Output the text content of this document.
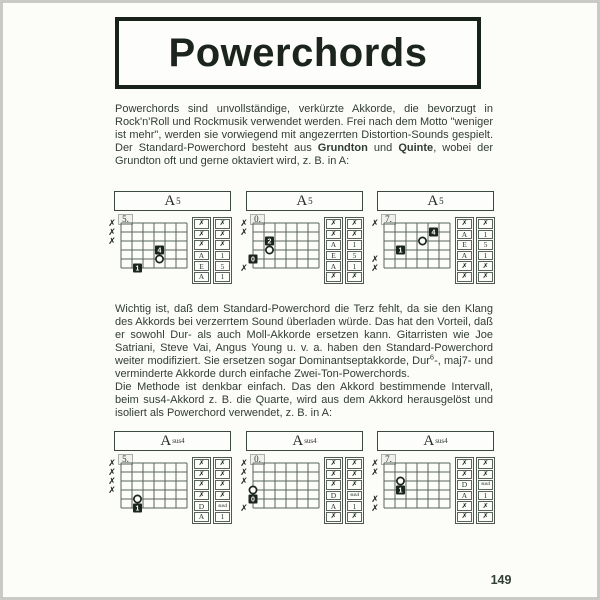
Powerchords
Powerchords sind unvollständige, verkürzte Akkorde, die bevorzugt in Rock'n'Roll und Rockmusik verwendet werden. Frei nach dem Motto "weniger ist mehr", werden sie vorwiegend mit angezerrten Distortion-Sounds gespielt. Der Standard-Powerchord besteht aus Grundton und Quinte, wobei der Grundton oft und gerne oktaviert wird, z. B. in A:
A 5
5.
✗
✗
✗
4
1
✗
✗
✗
A
E
A
✗
✗
✗
1
5
1
A 5
0.
✗
✗
✗
2
0
✗
✗
A
E
A
✗
✗
✗
1
5
1
✗
A 5
7.
✗
✗
✗
4
1
✗
A
E
A
✗
✗
✗
1
5
1
✗
✗

Wichtig ist, daß dem Standard-Powerchord die Terz fehlt, da sie den Klang des Akkords bei verzerrtem Sound überladen würde. Das hat den Vorteil, daß er sowohl Dur- als auch Moll-Akkorde ersetzen kann. Gitarristen wie Joe Satriani, Steve Vai, Angus Young u. v. a. haben den Standard-Powerchord weiter modifiziert. Sie ersetzen sogar Dominantseptakkorde, Dur$^6$-, maj7- und verminderte Akkorde durch einfache Zwei-Ton-Powerchords.

Die Methode ist denkbar einfach. Das den Akkord bestimmende Intervall, beim sus4-Akkord z. B. die Quarte, wird aus dem Akkord herausgelöst und isoliert als Powerchord verwendet, z. B. in A:

A sus4
5.
✗
✗
✗
✗
1
✗
✗
✗
✗
D
A
✗
✗
✗
✗
sus4
1
A sus4
0.
✗
✗
✗
✗
0
✗
✗
✗
D
A
✗
✗
✗
✗
sus4
1
✗
A sus4
7.
✗
✗
✗
✗
1
✗
✗
D
A
✗
✗
✗
✗
sus4
1
✗
✗
149
